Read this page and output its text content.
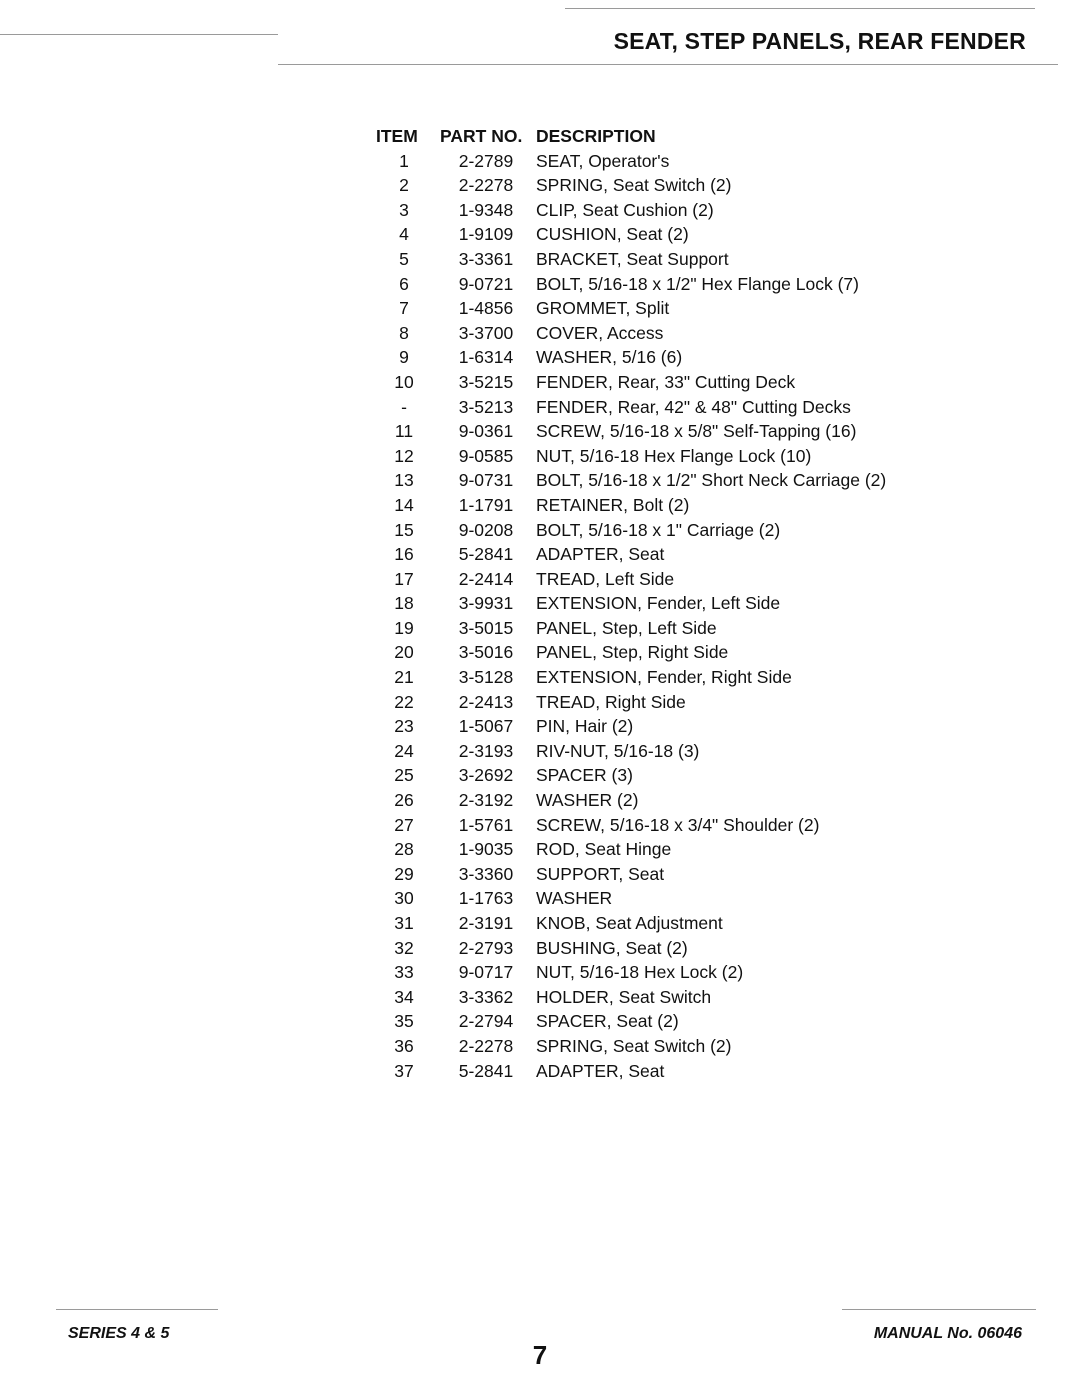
SEAT, STEP PANELS, REAR FENDER
ITEM	PART NO.	DESCRIPTION
1	2-2789	SEAT, Operator's
2	2-2278	SPRING, Seat Switch (2)
3	1-9348	CLIP, Seat Cushion (2)
4	1-9109	CUSHION, Seat (2)
5	3-3361	BRACKET, Seat Support
6	9-0721	BOLT, 5/16-18 x 1/2" Hex Flange Lock (7)
7	1-4856	GROMMET, Split
8	3-3700	COVER, Access
9	1-6314	WASHER, 5/16 (6)
10	3-5215	FENDER, Rear, 33" Cutting Deck
-	3-5213	FENDER, Rear, 42" & 48" Cutting Decks
11	9-0361	SCREW, 5/16-18 x 5/8" Self-Tapping (16)
12	9-0585	NUT, 5/16-18 Hex Flange Lock (10)
13	9-0731	BOLT, 5/16-18 x 1/2" Short Neck Carriage (2)
14	1-1791	RETAINER, Bolt (2)
15	9-0208	BOLT, 5/16-18 x 1" Carriage (2)
16	5-2841	ADAPTER, Seat
17	2-2414	TREAD, Left Side
18	3-9931	EXTENSION, Fender, Left Side
19	3-5015	PANEL, Step, Left Side
20	3-5016	PANEL, Step, Right Side
21	3-5128	EXTENSION, Fender, Right Side
22	2-2413	TREAD, Right Side
23	1-5067	PIN, Hair (2)
24	2-3193	RIV-NUT, 5/16-18 (3)
25	3-2692	SPACER (3)
26	2-3192	WASHER (2)
27	1-5761	SCREW, 5/16-18 x 3/4" Shoulder (2)
28	1-9035	ROD, Seat Hinge
29	3-3360	SUPPORT, Seat
30	1-1763	WASHER
31	2-3191	KNOB, Seat Adjustment
32	2-2793	BUSHING, Seat (2)
33	9-0717	NUT, 5/16-18 Hex Lock (2)
34	3-3362	HOLDER, Seat Switch
35	2-2794	SPACER, Seat (2)
36	2-2278	SPRING, Seat Switch (2)
37	5-2841	ADAPTER, Seat
SERIES 4 & 5	MANUAL No. 06046
7
